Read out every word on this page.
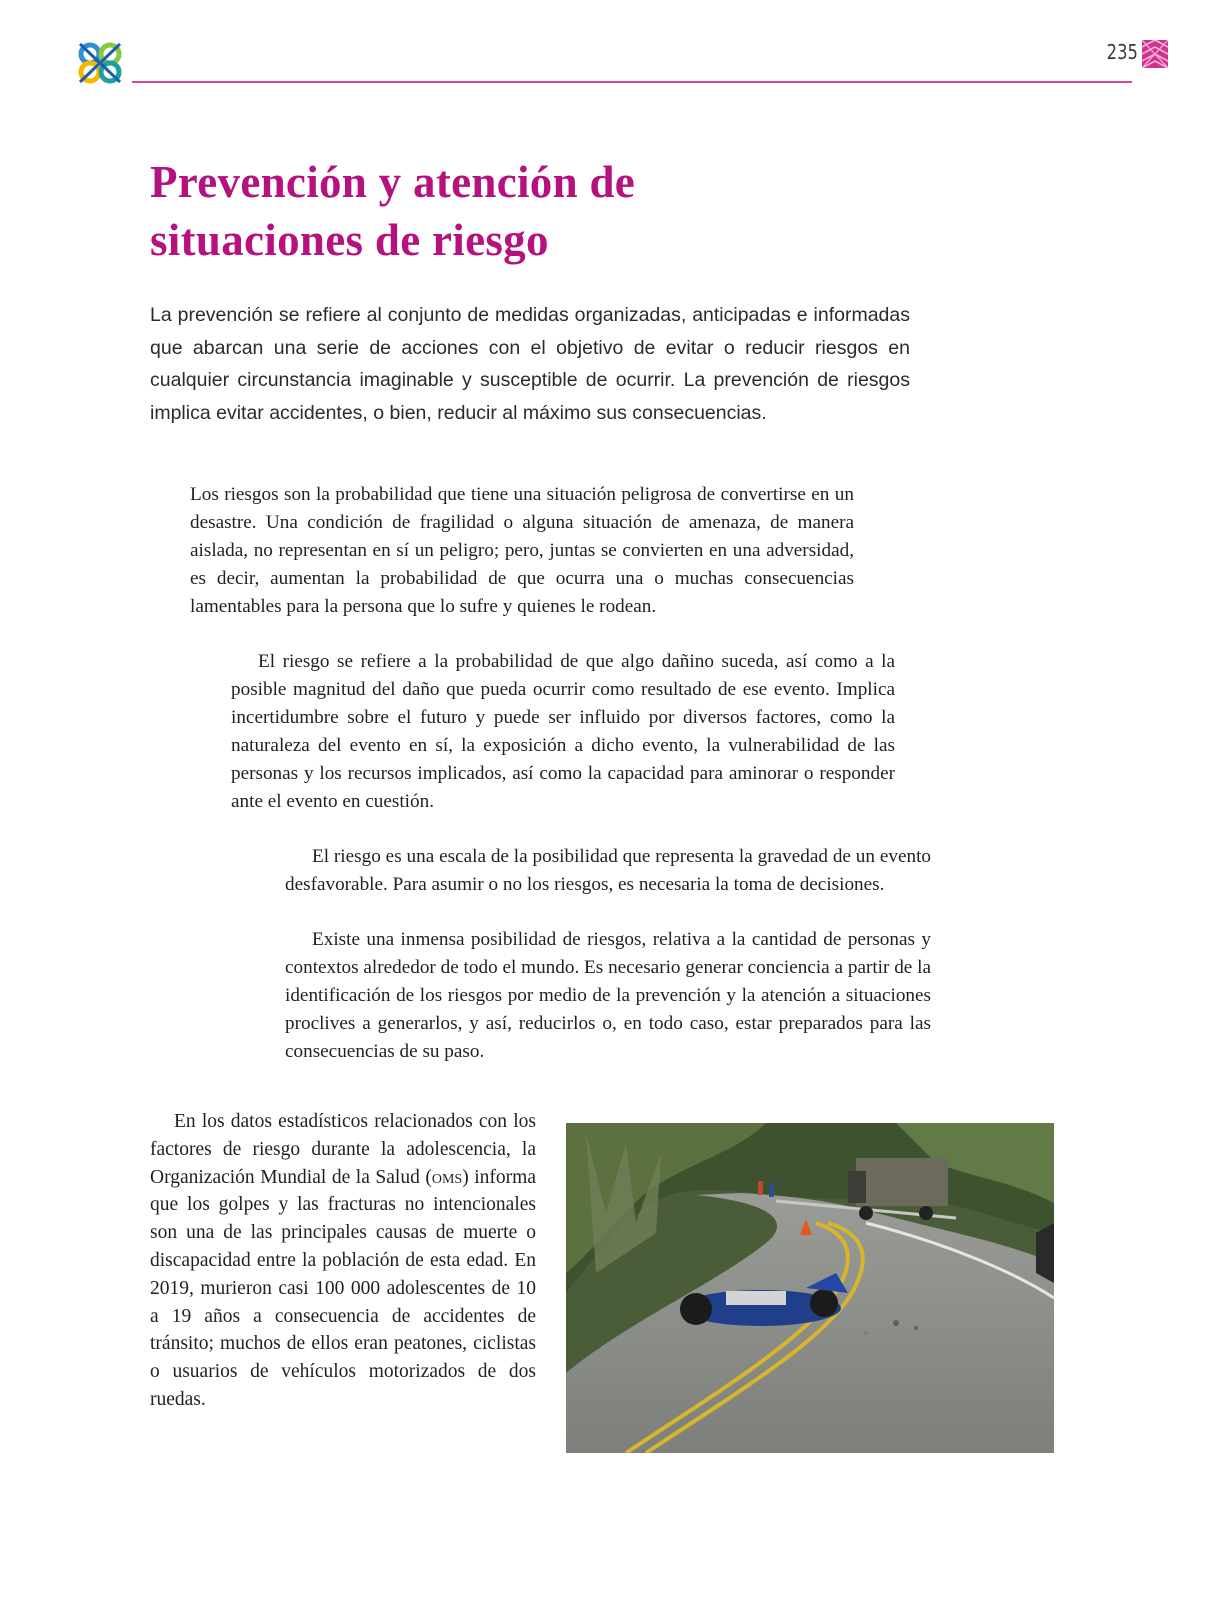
235
Prevención y atención de
situaciones de riesgo

La prevención se refiere al conjunto de medidas organizadas, anticipadas e informadas que abarcan una serie de acciones con el objetivo de evitar o reducir riesgos en cualquier circunstancia imaginable y susceptible de ocurrir. La prevención de riesgos implica evitar accidentes, o bien, reducir al máximo sus consecuencias.

Los riesgos son la probabilidad que tiene una situación peligrosa de convertirse en un desastre. Una condición de fragilidad o alguna situación de amenaza, de manera aislada, no representan en sí un peligro; pero, juntas se convierten en una adversidad, es decir, aumentan la probabilidad de que ocurra una o muchas consecuencias lamentables para la persona que lo sufre y quienes le rodean.

El riesgo se refiere a la probabilidad de que algo dañino suceda, así como a la posible magnitud del daño que pueda ocurrir como resultado de ese evento. Implica incertidumbre sobre el futuro y puede ser influido por diversos factores, como la naturaleza del evento en sí, la exposición a dicho evento, la vulnerabilidad de las personas y los recursos implicados, así como la capacidad para aminorar o responder ante el evento en cuestión.

El riesgo es una escala de la posibilidad que representa la gravedad de un evento desfavorable. Para asumir o no los riesgos, es necesaria la toma de decisiones.

Existe una inmensa posibilidad de riesgos, relativa a la cantidad de personas y contextos alrededor de todo el mundo. Es necesario generar conciencia a partir de la identificación de los riesgos por medio de la prevención y la atención a situaciones proclives a generarlos, y así, reducirlos o, en todo caso, estar preparados para las consecuencias de su paso.

En los datos estadísticos relacionados con los factores de riesgo durante la adolescencia, la Organización Mundial de la Salud (oms) informa que los golpes y las fracturas no intencionales son una de las principales causas de muerte o discapacidad entre la población de esta edad. En 2019, murieron casi 100 000 adolescentes de 10 a 19 años a consecuencia de accidentes de tránsito; muchos de ellos eran peatones, ciclistas o usuarios de vehículos motorizados de dos ruedas.
